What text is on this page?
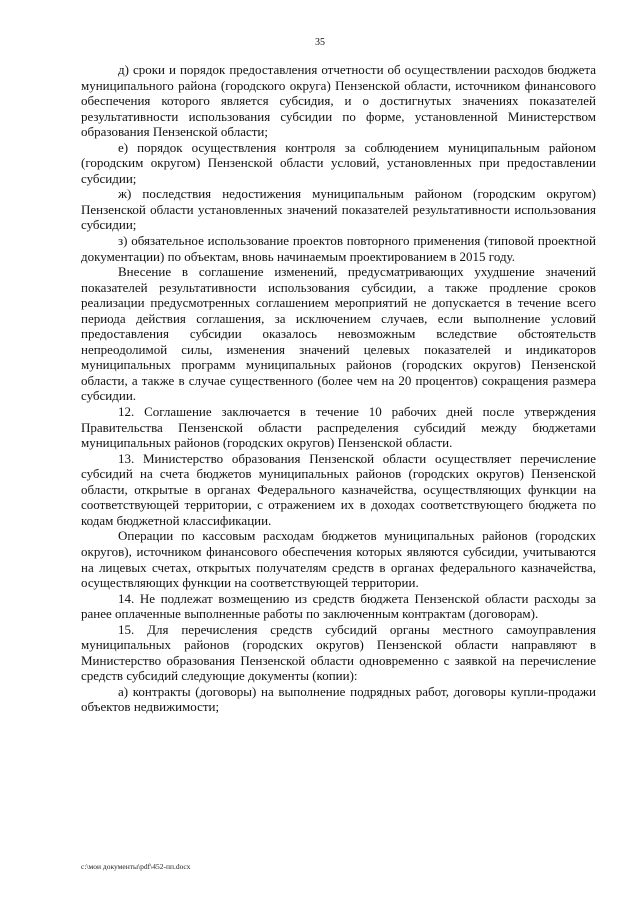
35

д) сроки и порядок предоставления отчетности об осуществлении расходов бюджета муниципального района (городского округа) Пензенской области, источником финансового обеспечения которого является субсидия, и о достигнутых значениях показателей результативности использования субсидии по форме, установленной Министерством образования Пензенской области;

е) порядок осуществления контроля за соблюдением муниципальным районом (городским округом) Пензенской области условий, установленных при предоставлении субсидии;

ж) последствия недостижения муниципальным районом (городским округом) Пензенской области установленных значений показателей результативности использования субсидии;

з) обязательное использование проектов повторного применения (типовой проектной документации) по объектам, вновь начинаемым проектированием в 2015 году.

Внесение в соглашение изменений, предусматривающих ухудшение значений показателей результативности использования субсидии, а также продление сроков реализации предусмотренных соглашением мероприятий не допускается в течение всего периода действия соглашения, за исключением случаев, если выполнение условий предоставления субсидии оказалось невозможным вследствие обстоятельств непреодолимой силы, изменения значений целевых показателей и индикаторов муниципальных программ муниципальных районов (городских округов) Пензенской области, а также в случае существенного (более чем на 20 процентов) сокращения размера субсидии.

12. Соглашение заключается в течение 10 рабочих дней после утверждения Правительства Пензенской области распределения субсидий между бюджетами муниципальных районов (городских округов) Пензенской области.

13. Министерство образования Пензенской области осуществляет перечисление субсидий на счета бюджетов муниципальных районов (городских округов) Пензенской области, открытые в органах Федерального казначейства, осуществляющих функции на соответствующей территории, с отражением их в доходах соответствующего бюджета по кодам бюджетной классификации.

Операции по кассовым расходам бюджетов муниципальных районов (городских округов), источником финансового обеспечения которых являются субсидии, учитываются на лицевых счетах, открытых получателям средств в органах федерального казначейства, осуществляющих функции на соответствующей территории.

14. Не подлежат возмещению из средств бюджета Пензенской области расходы за ранее оплаченные выполненные работы по заключенным контрактам (договорам).

15. Для перечисления средств субсидий органы местного самоуправления муниципальных районов (городских округов) Пензенской области направляют в Министерство образования Пензенской области одновременно с заявкой на перечисление средств субсидий следующие документы (копии):

а) контракты (договоры) на выполнение подрядных работ, договоры купли-продажи объектов недвижимости;

c:\мои документы\pdf\452-пп.docx
